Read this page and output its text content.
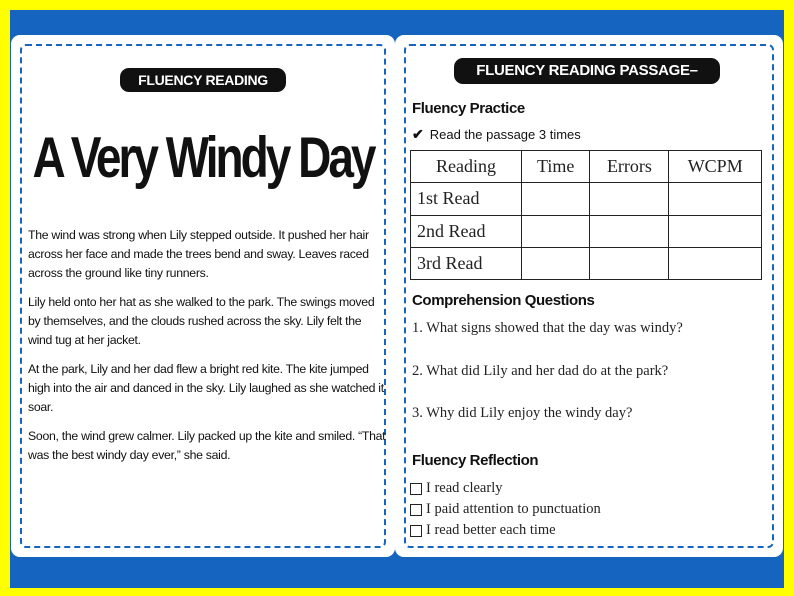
FLUENCY READING PASSAGE
A Very Windy Day

The wind was strong when Lily stepped outside. It pushed her hair across her face and made the trees bend and sway. Leaves raced across the ground like tiny runners.

Lily held onto her hat as she walked to the park. The swings moved by themselves, and the clouds rushed across the sky. Lily felt the wind tug at her jacket.

At the park, Lily and her dad flew a bright red kite. The kite jumped high into the air and danced in the sky. Lily laughed as she watched it soar.

Soon, the wind grew calmer. Lily packed up the kite and smiled. “That was the best windy day ever,” she said.

FLUENCY READING PASSAGE– STUDENT PAGE
Fluency Practice
✔ Read the passage 3 times
Reading	Time	Errors	WCPM
1st Read			
2nd Read			
3rd Read			
Comprehension Questions
1. What signs showed that the day was windy?
2. What did Lily and her dad do at the park?
3. Why did Lily enjoy the windy day?
Fluency Reflection
I read clearly
I paid attention to punctuation
I read better each time
